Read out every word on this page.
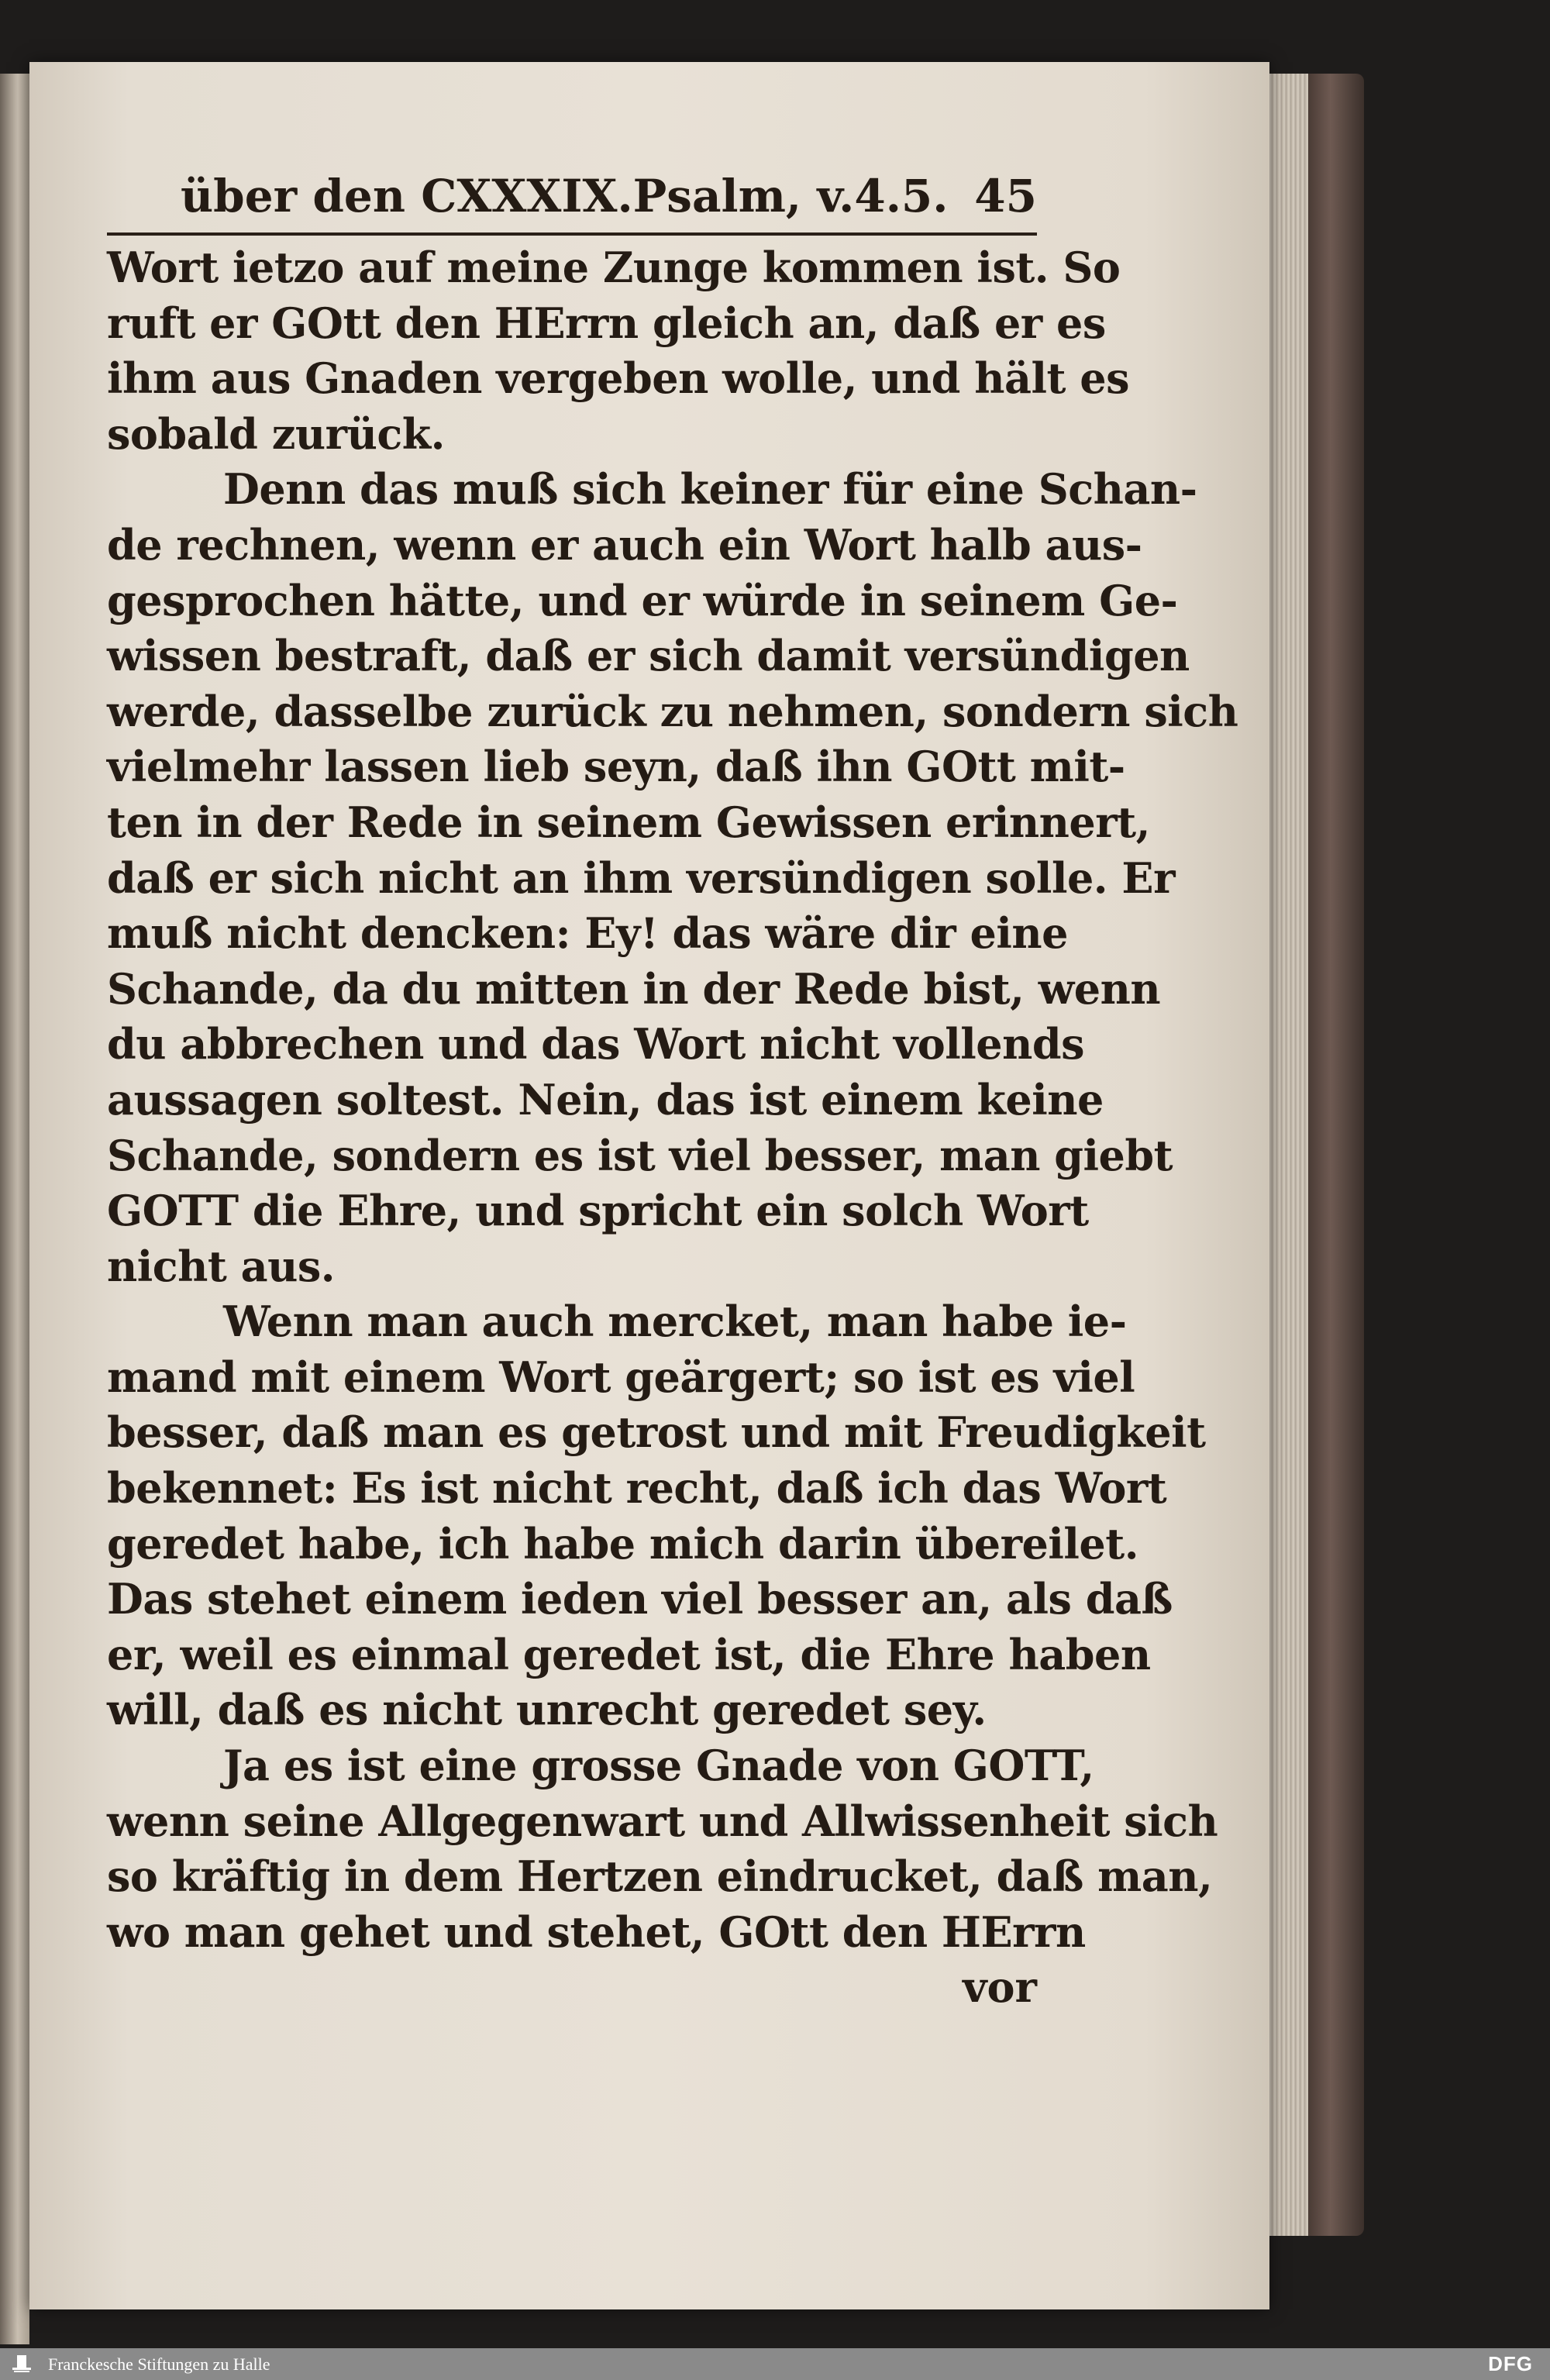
über den CXXXIX.Psalm, v.4.5. 45
Wort ietzo auf meine Zunge kommen ist. So
ruft er GOtt den HErrn gleich an, daß er es
ihm aus Gnaden vergeben wolle, und hält es
sobald zurück.
Denn das muß sich keiner für eine Schan-
de rechnen, wenn er auch ein Wort halb aus-
gesprochen hätte, und er würde in seinem Ge-
wissen bestraft, daß er sich damit versündigen
werde, dasselbe zurück zu nehmen, sondern sich
vielmehr lassen lieb seyn, daß ihn GOtt mit-
ten in der Rede in seinem Gewissen erinnert,
daß er sich nicht an ihm versündigen solle. Er
muß nicht dencken: Ey! das wäre dir eine
Schande, da du mitten in der Rede bist, wenn
du abbrechen und das Wort nicht vollends
aussagen soltest. Nein, das ist einem keine
Schande, sondern es ist viel besser, man giebt
GOTT die Ehre, und spricht ein solch Wort
nicht aus.
Wenn man auch mercket, man habe ie-
mand mit einem Wort geärgert; so ist es viel
besser, daß man es getrost und mit Freudigkeit
bekennet: Es ist nicht recht, daß ich das Wort
geredet habe, ich habe mich darin übereilet.
Das stehet einem ieden viel besser an, als daß
er, weil es einmal geredet ist, die Ehre haben
will, daß es nicht unrecht geredet sey.
Ja es ist eine grosse Gnade von GOTT,
wenn seine Allgegenwart und Allwissenheit sich
so kräftig in dem Hertzen eindrucket, daß man,
wo man gehet und stehet, GOtt den HErrn
vor
Franckesche Stiftungen zu Halle	DFG
